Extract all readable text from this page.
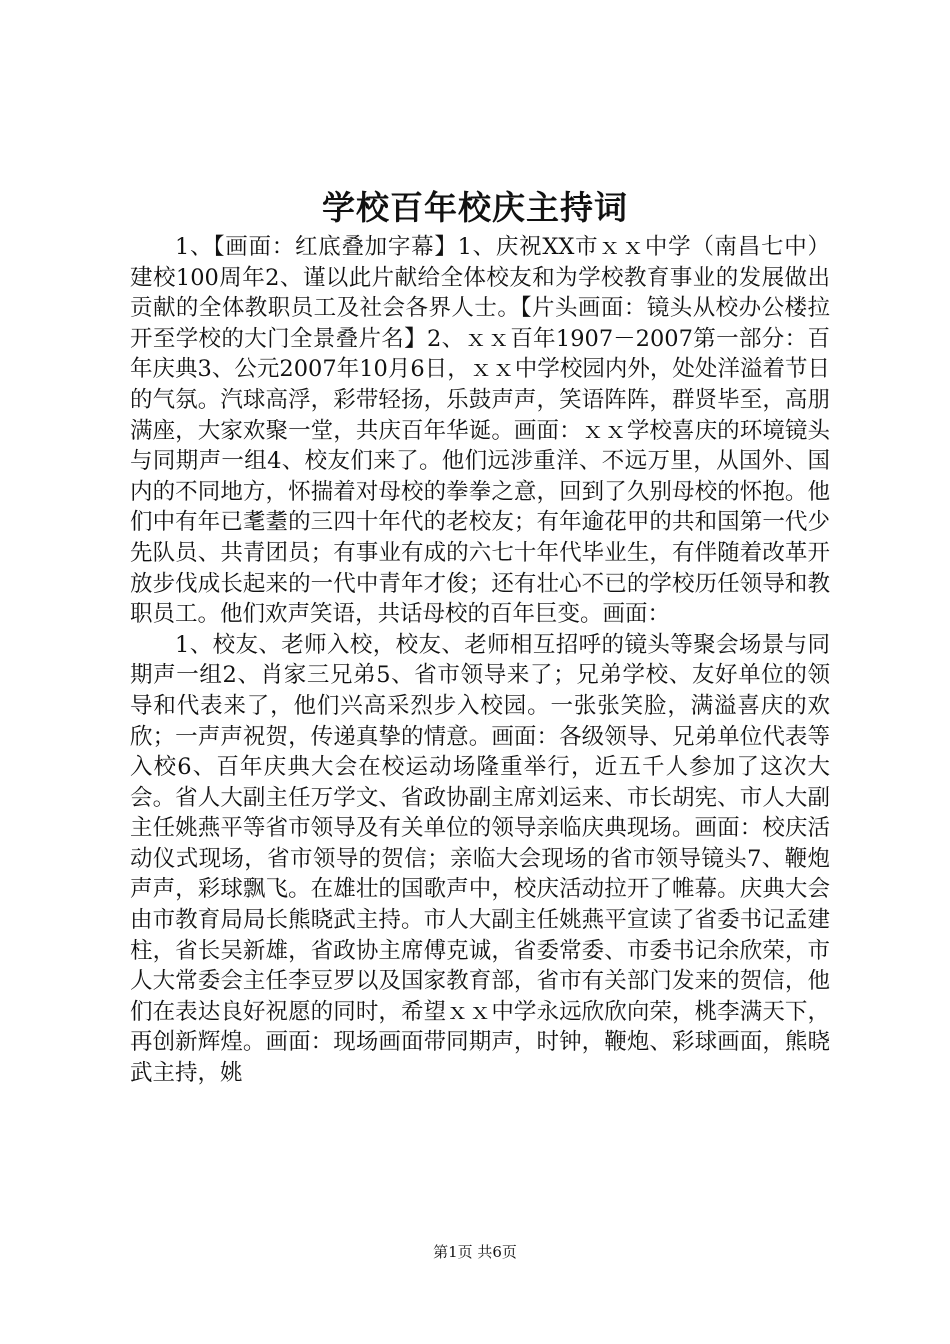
学校百年校庆主持词

1、【画面：红底叠加字幕】1、庆祝XX市ｘｘ中学（南昌七中）建校100周年2、谨以此片献给全体校友和为学校教育事业的发展做出贡献的全体教职员工及社会各界人士。【片头画面：镜头从校办公楼拉开至学校的大门全景叠片名】2、ｘｘ百年1907－2007第一部分：百年庆典3、公元2007年10月6日，ｘｘ中学校园内外，处处洋溢着节日的气氛。汽球高浮，彩带轻扬，乐鼓声声，笑语阵阵，群贤毕至，高朋满座，大家欢聚一堂，共庆百年华诞。画面：ｘｘ学校喜庆的环境镜头与同期声一组4、校友们来了。他们远涉重洋、不远万里，从国外、国内的不同地方，怀揣着对母校的拳拳之意，回到了久别母校的怀抱。他们中有年已耄耋的三四十年代的老校友；有年逾花甲的共和国第一代少先队员、共青团员；有事业有成的六七十年代毕业生，有伴随着改革开放步伐成长起来的一代中青年才俊；还有壮心不已的学校历任领导和教职员工。他们欢声笑语，共话母校的百年巨变。画面：

1、校友、老师入校，校友、老师相互招呼的镜头等聚会场景与同期声一组2、肖家三兄弟5、省市领导来了；兄弟学校、友好单位的领导和代表来了，他们兴高采烈步入校园。一张张笑脸，满溢喜庆的欢欣；一声声祝贺，传递真挚的情意。画面：各级领导、兄弟单位代表等入校6、百年庆典大会在校运动场隆重举行，近五千人参加了这次大会。省人大副主任万学文、省政协副主席刘运来、市长胡宪、市人大副主任姚燕平等省市领导及有关单位的领导亲临庆典现场。画面：校庆活动仪式现场，省市领导的贺信；亲临大会现场的省市领导镜头7、鞭炮声声，彩球飘飞。在雄壮的国歌声中，校庆活动拉开了帷幕。庆典大会由市教育局局长熊晓武主持。市人大副主任姚燕平宣读了省委书记孟建柱，省长吴新雄，省政协主席傅克诚，省委常委、市委书记余欣荣，市人大常委会主任李豆罗以及国家教育部，省市有关部门发来的贺信，他们在表达良好祝愿的同时，希望ｘｘ中学永远欣欣向荣，桃李满天下，再创新辉煌。画面：现场画面带同期声，时钟，鞭炮、彩球画面，熊晓武主持，姚

第1页 共6页
